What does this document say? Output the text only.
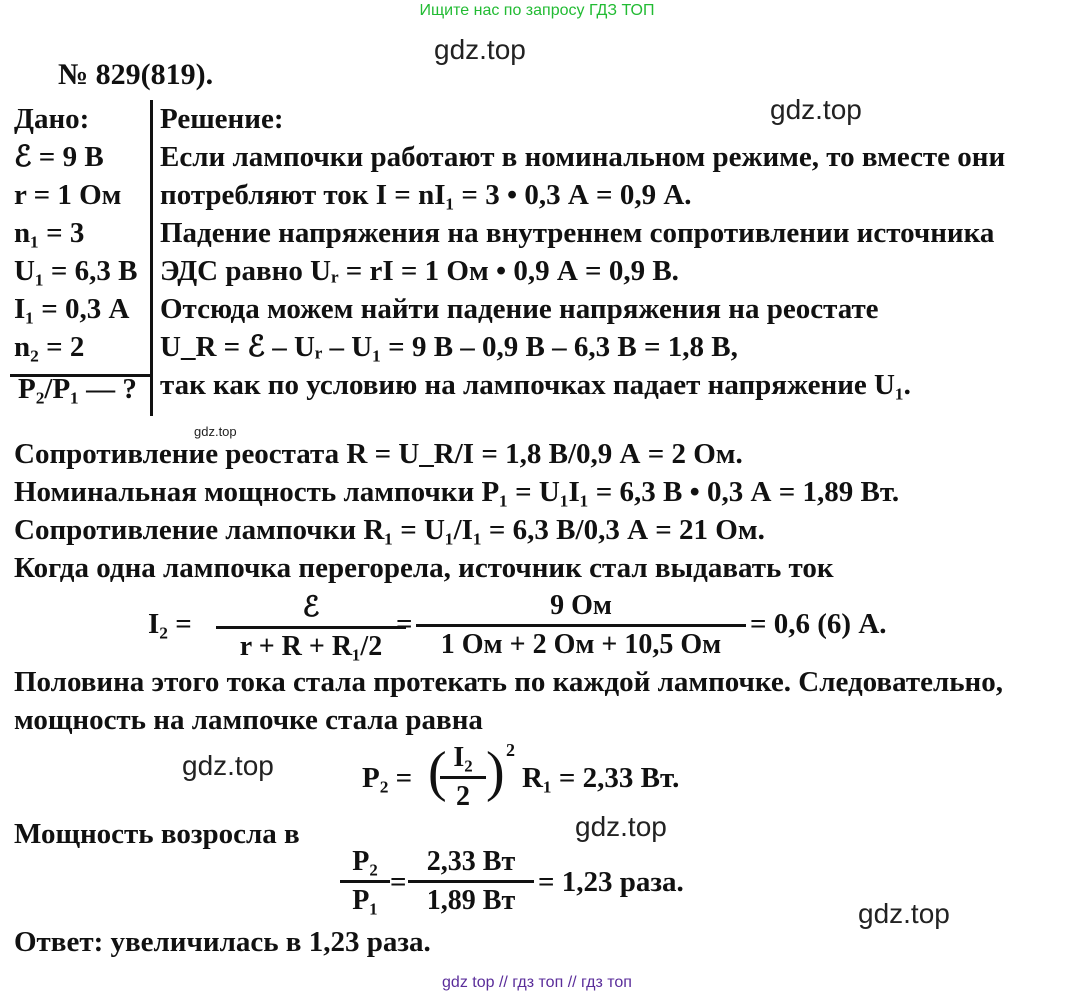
Ищите нас по запросу ГДЗ ТОП
gdz.top
gdz.top
gdz.top
gdz.top
gdz.top
gdz.top
№ 829(819).
Дано:
ℰ = 9 В
r = 1 Ом
n₁ = 3
U₁ = 6,3 В
I₁ = 0,3 А
n₂ = 2
P₂/P₁ — ?
Решение:
Если лампочки работают в номинальном режиме, то вместе они
потребляют ток I = nI₁ = 3 • 0,3 А = 0,9 А.
Падение напряжения на внутреннем сопротивлении источника
ЭДС равно Uᵣ = rI = 1 Ом • 0,9 А = 0,9 В.
Отсюда можем найти падение напряжения на реостате
U_R = ℰ – Uᵣ – U₁ = 9 В – 0,9 В – 6,3 В = 1,8 В,
так как по условию на лампочках падает напряжение U₁.
Сопротивление реостата R = U_R/I = 1,8 В/0,9 А = 2 Ом.
Номинальная мощность лампочки P₁ = U₁I₁ = 6,3 В • 0,3 А = 1,89 Вт.
Сопротивление лампочки R₁ = U₁/I₁ = 6,3 В/0,3 А = 21 Ом.
Когда одна лампочка перегорела, источник стал выдавать ток
I₂ =
ℰ
r + R + R₁/2
=
9 Ом
1 Ом + 2 Ом + 10,5 Ом
= 0,6 (6) А.
Половина этого тока стала протекать по каждой лампочке. Следовательно,
мощность на лампочке стала равна
P₂ = (
$\frac{\text{I₂}}{2}$ ) 2
R₁ = 2,33 Вт.
Мощность возросла в
$\frac{\text{P₂}}{\text{P₁}}$ =
2,33 Вт
1,89 Вт
= 1,23 раза.
Ответ: увеличилась в 1,23 раза.
gdz top // гдз топ // гдз топ
